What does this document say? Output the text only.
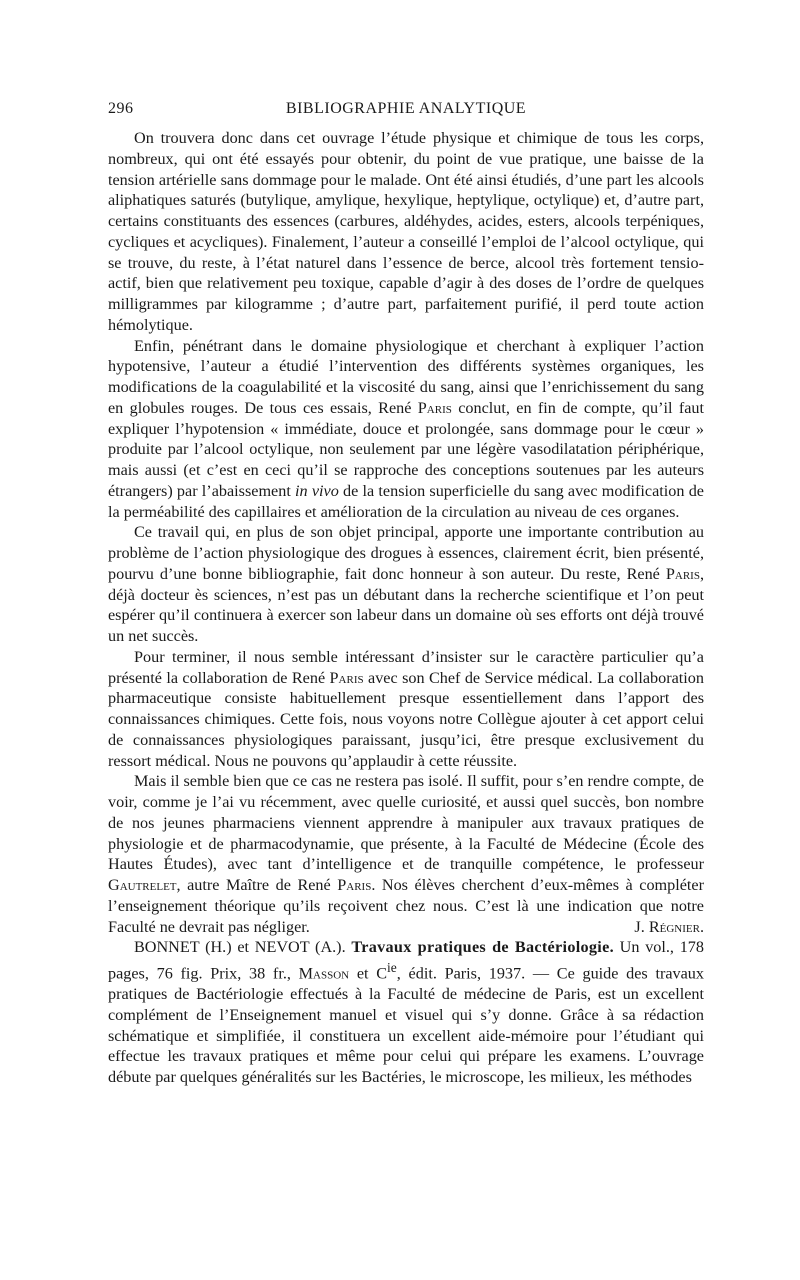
296	BIBLIOGRAPHIE ANALYTIQUE

On trouvera donc dans cet ouvrage l’étude physique et chimique de tous les corps, nombreux, qui ont été essayés pour obtenir, du point de vue pratique, une baisse de la tension artérielle sans dommage pour le malade. Ont été ainsi étudiés, d’une part les alcools aliphatiques saturés (butylique, amylique, hexylique, heptylique, octylique) et, d’autre part, certains constituants des essences (carbures, aldéhydes, acides, esters, alcools terpéniques, cycliques et acycliques). Finalement, l’auteur a conseillé l’emploi de l’alcool octylique, qui se trouve, du reste, à l’état naturel dans l’essence de berce, alcool très fortement tensio-actif, bien que relativement peu toxique, capable d’agir à des doses de l’ordre de quelques milligrammes par kilogramme ; d’autre part, parfaitement purifié, il perd toute action hémolytique.

Enfin, pénétrant dans le domaine physiologique et cherchant à expliquer l’action hypotensive, l’auteur a étudié l’intervention des différents systèmes organiques, les modifications de la coagulabilité et la viscosité du sang, ainsi que l’enrichissement du sang en globules rouges. De tous ces essais, René Paris conclut, en fin de compte, qu’il faut expliquer l’hypotension « immédiate, douce et prolongée, sans dommage pour le cœur » produite par l’alcool octylique, non seulement par une légère vasodilatation périphérique, mais aussi (et c’est en ceci qu’il se rapproche des conceptions soutenues par les auteurs étrangers) par l’abaissement in vivo de la tension superficielle du sang avec modification de la perméabilité des capillaires et amélioration de la circulation au niveau de ces organes.

Ce travail qui, en plus de son objet principal, apporte une importante contribution au problème de l’action physiologique des drogues à essences, clairement écrit, bien présenté, pourvu d’une bonne bibliographie, fait donc honneur à son auteur. Du reste, René Paris, déjà docteur ès sciences, n’est pas un débutant dans la recherche scientifique et l’on peut espérer qu’il continuera à exercer son labeur dans un domaine où ses efforts ont déjà trouvé un net succès.

Pour terminer, il nous semble intéressant d’insister sur le caractère particulier qu’a présenté la collaboration de René Paris avec son Chef de Service médical. La collaboration pharmaceutique consiste habituellement presque essentiellement dans l’apport des connaissances chimiques. Cette fois, nous voyons notre Collègue ajouter à cet apport celui de connaissances physiologiques paraissant, jusqu’ici, être presque exclusivement du ressort médical. Nous ne pouvons qu’applaudir à cette réussite.

Mais il semble bien que ce cas ne restera pas isolé. Il suffit, pour s’en rendre compte, de voir, comme je l’ai vu récemment, avec quelle curiosité, et aussi quel succès, bon nombre de nos jeunes pharmaciens viennent apprendre à manipuler aux travaux pratiques de physiologie et de pharmacodynamie, que présente, à la Faculté de Médecine (École des Hautes Études), avec tant d’intelligence et de tranquille compétence, le professeur Gautrelet, autre Maître de René Paris. Nos élèves cherchent d’eux-mêmes à compléter l’enseignement théorique qu’ils reçoivent chez nous. C’est là une indication que notre Faculté ne devrait pas négliger.	J. Régnier.

BONNET (H.) et NEVOT (A.). Travaux pratiques de Bactériologie. Un vol., 178 pages, 76 fig. Prix, 38 fr., Masson et $C^{ie}$, édit. Paris, 1937. — Ce guide des travaux pratiques de Bactériologie effectués à la Faculté de médecine de Paris, est un excellent complément de l’Enseignement manuel et visuel qui s’y donne. Grâce à sa rédaction schématique et simplifiée, il constituera un excellent aide-mémoire pour l’étudiant qui effectue les travaux pratiques et même pour celui qui prépare les examens. L’ouvrage débute par quelques généralités sur les Bactéries, le microscope, les milieux, les méthodes
